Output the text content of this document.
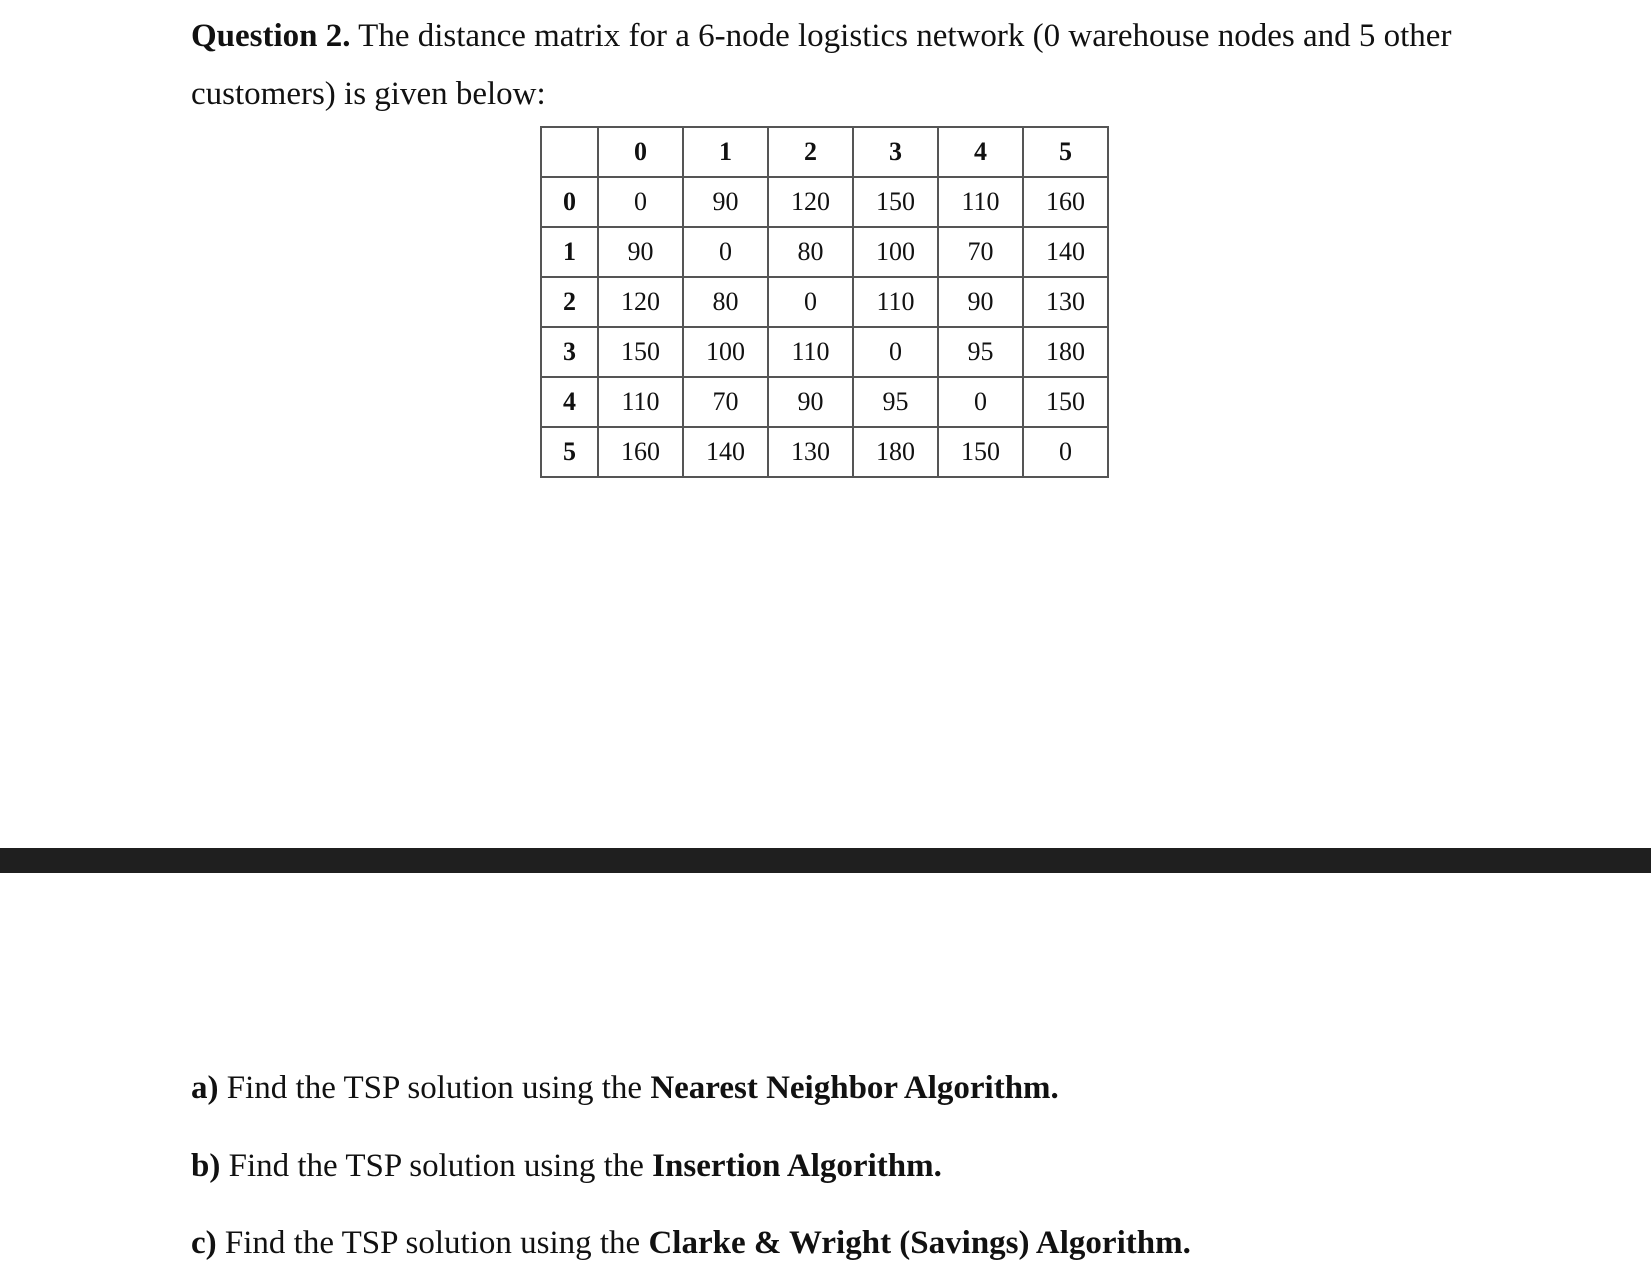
Question 2. The distance matrix for a 6-node logistics network (0 warehouse nodes and 5 other
customers) is given below:
	0	1	2	3	4	5
0	0	90	120	150	110	160
1	90	0	80	100	70	140
2	120	80	0	110	90	130
3	150	100	110	0	95	180
4	110	70	90	95	0	150
5	160	140	130	180	150	0
a) Find the TSP solution using the Nearest Neighbor Algorithm.
b) Find the TSP solution using the Insertion Algorithm.
c) Find the TSP solution using the Clarke & Wright (Savings) Algorithm.
